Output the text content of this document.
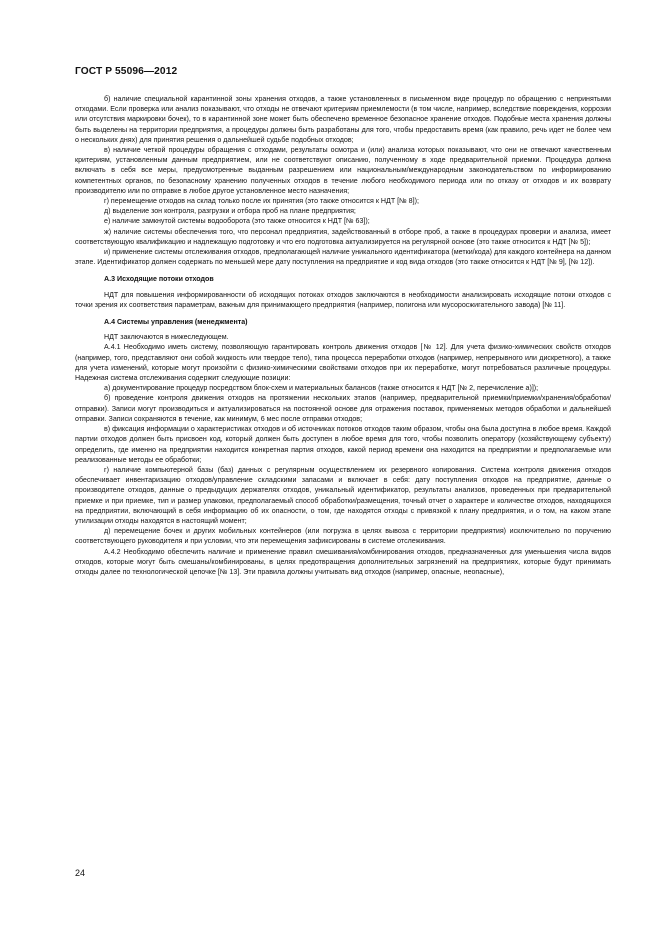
ГОСТ Р 55096—2012

б) наличие специальной карантинной зоны хранения отходов, а также установленных в письменном виде процедур по обращению с непринятыми отходами. Если проверка или анализ показывают, что отходы не отвечают критериям приемлемости (в том числе, например, вследствие повреждения, коррозии или отсутствия маркировки бочек), то в карантинной зоне может быть обеспечено временное безопасное хранение отходов. Подобные места хранения должны быть выделены на территории предприятия, а процедуры должны быть разработаны для того, чтобы предоставить время (как правило, речь идет не более чем о нескольких днях) для принятия решения о дальнейшей судьбе подобных отходов;

в) наличие четкой процедуры обращения с отходами, результаты осмотра и (или) анализа которых показывают, что они не отвечают качественным критериям, установленным данным предприятием, или не соответствуют описанию, полученному в ходе предварительной приемки. Процедура должна включать в себя все меры, предусмотренные выданным разрешением или национальным/международным законодательством по информированию компетентных органов, по безопасному хранению полученных отходов в течение любого необходимого периода или по отказу от отходов и их возврату производителю или по отправке в любое другое установленное место назначения;

г) перемещение отходов на склад только после их принятия (это также относится к НДТ [№ 8]);

д) выделение зон контроля, разгрузки и отбора проб на плане предприятия;

е) наличие замкнутой системы водооборота (это также относится к НДТ [№ 63]);

ж) наличие системы обеспечения того, что персонал предприятия, задействованный в отборе проб, а также в процедурах проверки и анализа, имеет соответствующую квалификацию и надлежащую подготовку и что его подготовка актуализируется на регулярной основе (это также относится к НДТ [№ 5]);

и) применение системы отслеживания отходов, предполагающей наличие уникального идентификатора (метки/кода) для каждого контейнера на данном этапе. Идентификатор должен содержать по меньшей мере дату поступления на предприятие и код вида отходов (это также относится к НДТ [№ 9], [№ 12]).

А.3 Исходящие потоки отходов

НДТ для повышения информированности об исходящих потоках отходов заключаются в необходимости анализировать исходящие потоки отходов с точки зрения их соответствия параметрам, важным для принимающего предприятия (например, полигона или мусоросжигательного завода) [№ 11].

А.4 Системы управления (менеджмента)

НДТ заключаются в нижеследующем.

А.4.1 Необходимо иметь систему, позволяющую гарантировать контроль движения отходов [№ 12]. Для учета физико-химических свойств отходов (например, того, представляют они собой жидкость или твердое тело), типа процесса переработки отходов (например, непрерывного или дискретного), а также для учета изменений, которые могут произойти с физико-химическими свойствами отходов при их переработке, могут потребоваться различные процедуры. Надежная система отслеживания содержит следующие позиции:

а) документирование процедур посредством блок-схем и материальных балансов (также относится к НДТ [№ 2, перечисление а)]);

б) проведение контроля движения отходов на протяжении нескольких этапов (например, предварительной приемки/приемки/хранения/обработки/отправки). Записи могут производиться и актуализироваться на постоянной основе для отражения поставок, применяемых методов обработки и дальнейшей отправки. Записи сохраняются в течение, как минимум, 6 мес после отправки отходов;

в) фиксация информации о характеристиках отходов и об источниках потоков отходов таким образом, чтобы она была доступна в любое время. Каждой партии отходов должен быть присвоен код, который должен быть доступен в любое время для того, чтобы позволить оператору (хозяйствующему субъекту) определить, где именно на предприятии находится конкретная партия отходов, какой период времени она находится на предприятии и предполагаемые или реализованные методы ее обработки;

г) наличие компьютерной базы (баз) данных с регулярным осуществлением их резервного копирования. Система контроля движения отходов обеспечивает инвентаризацию отходов/управление складскими запасами и включает в себя: дату поступления отходов на предприятие, данные о производителе отходов, данные о предыдущих держателях отходов, уникальный идентификатор, результаты анализов, проведенных при предварительной приемке и при приемке, тип и размер упаковки, предполагаемый способ обработки/размещения, точный отчет о характере и количестве отходов, находящихся на предприятии, включающий в себя информацию об их опасности, о том, где находятся отходы с привязкой к плану предприятия, и о том, на каком этапе утилизации отходы находятся в настоящий момент;

д) перемещение бочек и других мобильных контейнеров (или погрузка в целях вывоза с территории предприятия) исключительно по поручению соответствующего руководителя и при условии, что эти перемещения зафиксированы в системе отслеживания.

А.4.2 Необходимо обеспечить наличие и применение правил смешивания/комбинирования отходов, предназначенных для уменьшения числа видов отходов, которые могут быть смешаны/комбинированы, в целях предотвращения дополнительных загрязнений на предприятиях, которые будут принимать отходы далее по технологической цепочке [№ 13]. Эти правила должны учитывать вид отходов (например, опасные, неопасные),

24
